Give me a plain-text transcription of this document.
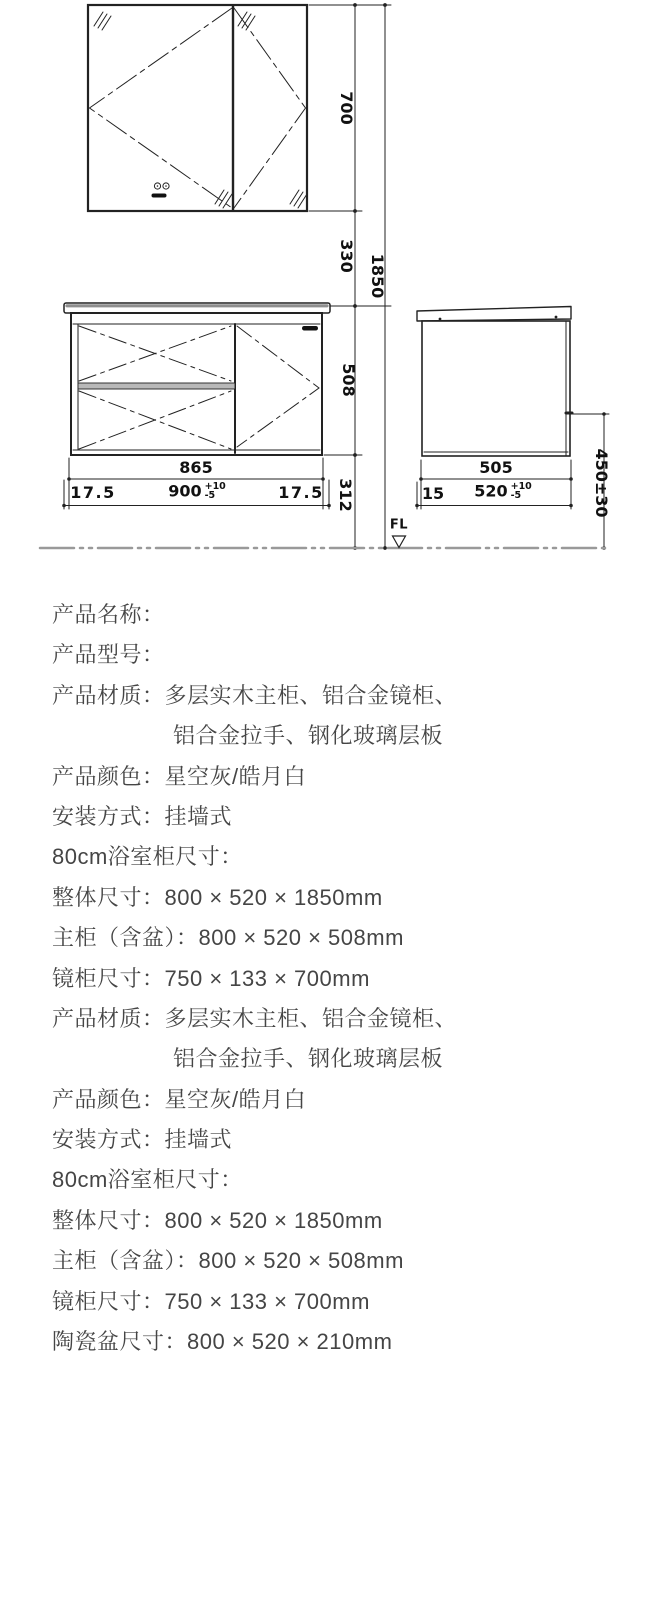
700
330 1850
508
312
865
17.5	900 +10
-5	17.5
505
15 520 +10
-5	450±30
FL
产品名称：
产品型号：
产品材质：多层实木主柜、铝合金镜柜、
铝合金拉手、钢化玻璃层板
产品颜色：星空灰/皓月白
安装方式：挂墙式
80cm浴室柜尺寸：
整体尺寸：800 × 520 × 1850mm
主柜（含盆）：800 × 520 × 508mm
镜柜尺寸：750 × 133 × 700mm
产品材质：多层实木主柜、铝合金镜柜、
铝合金拉手、钢化玻璃层板
产品颜色：星空灰/皓月白
安装方式：挂墙式
80cm浴室柜尺寸：
整体尺寸：800 × 520 × 1850mm
主柜（含盆）：800 × 520 × 508mm
镜柜尺寸：750 × 133 × 700mm
陶瓷盆尺寸：800 × 520 × 210mm
